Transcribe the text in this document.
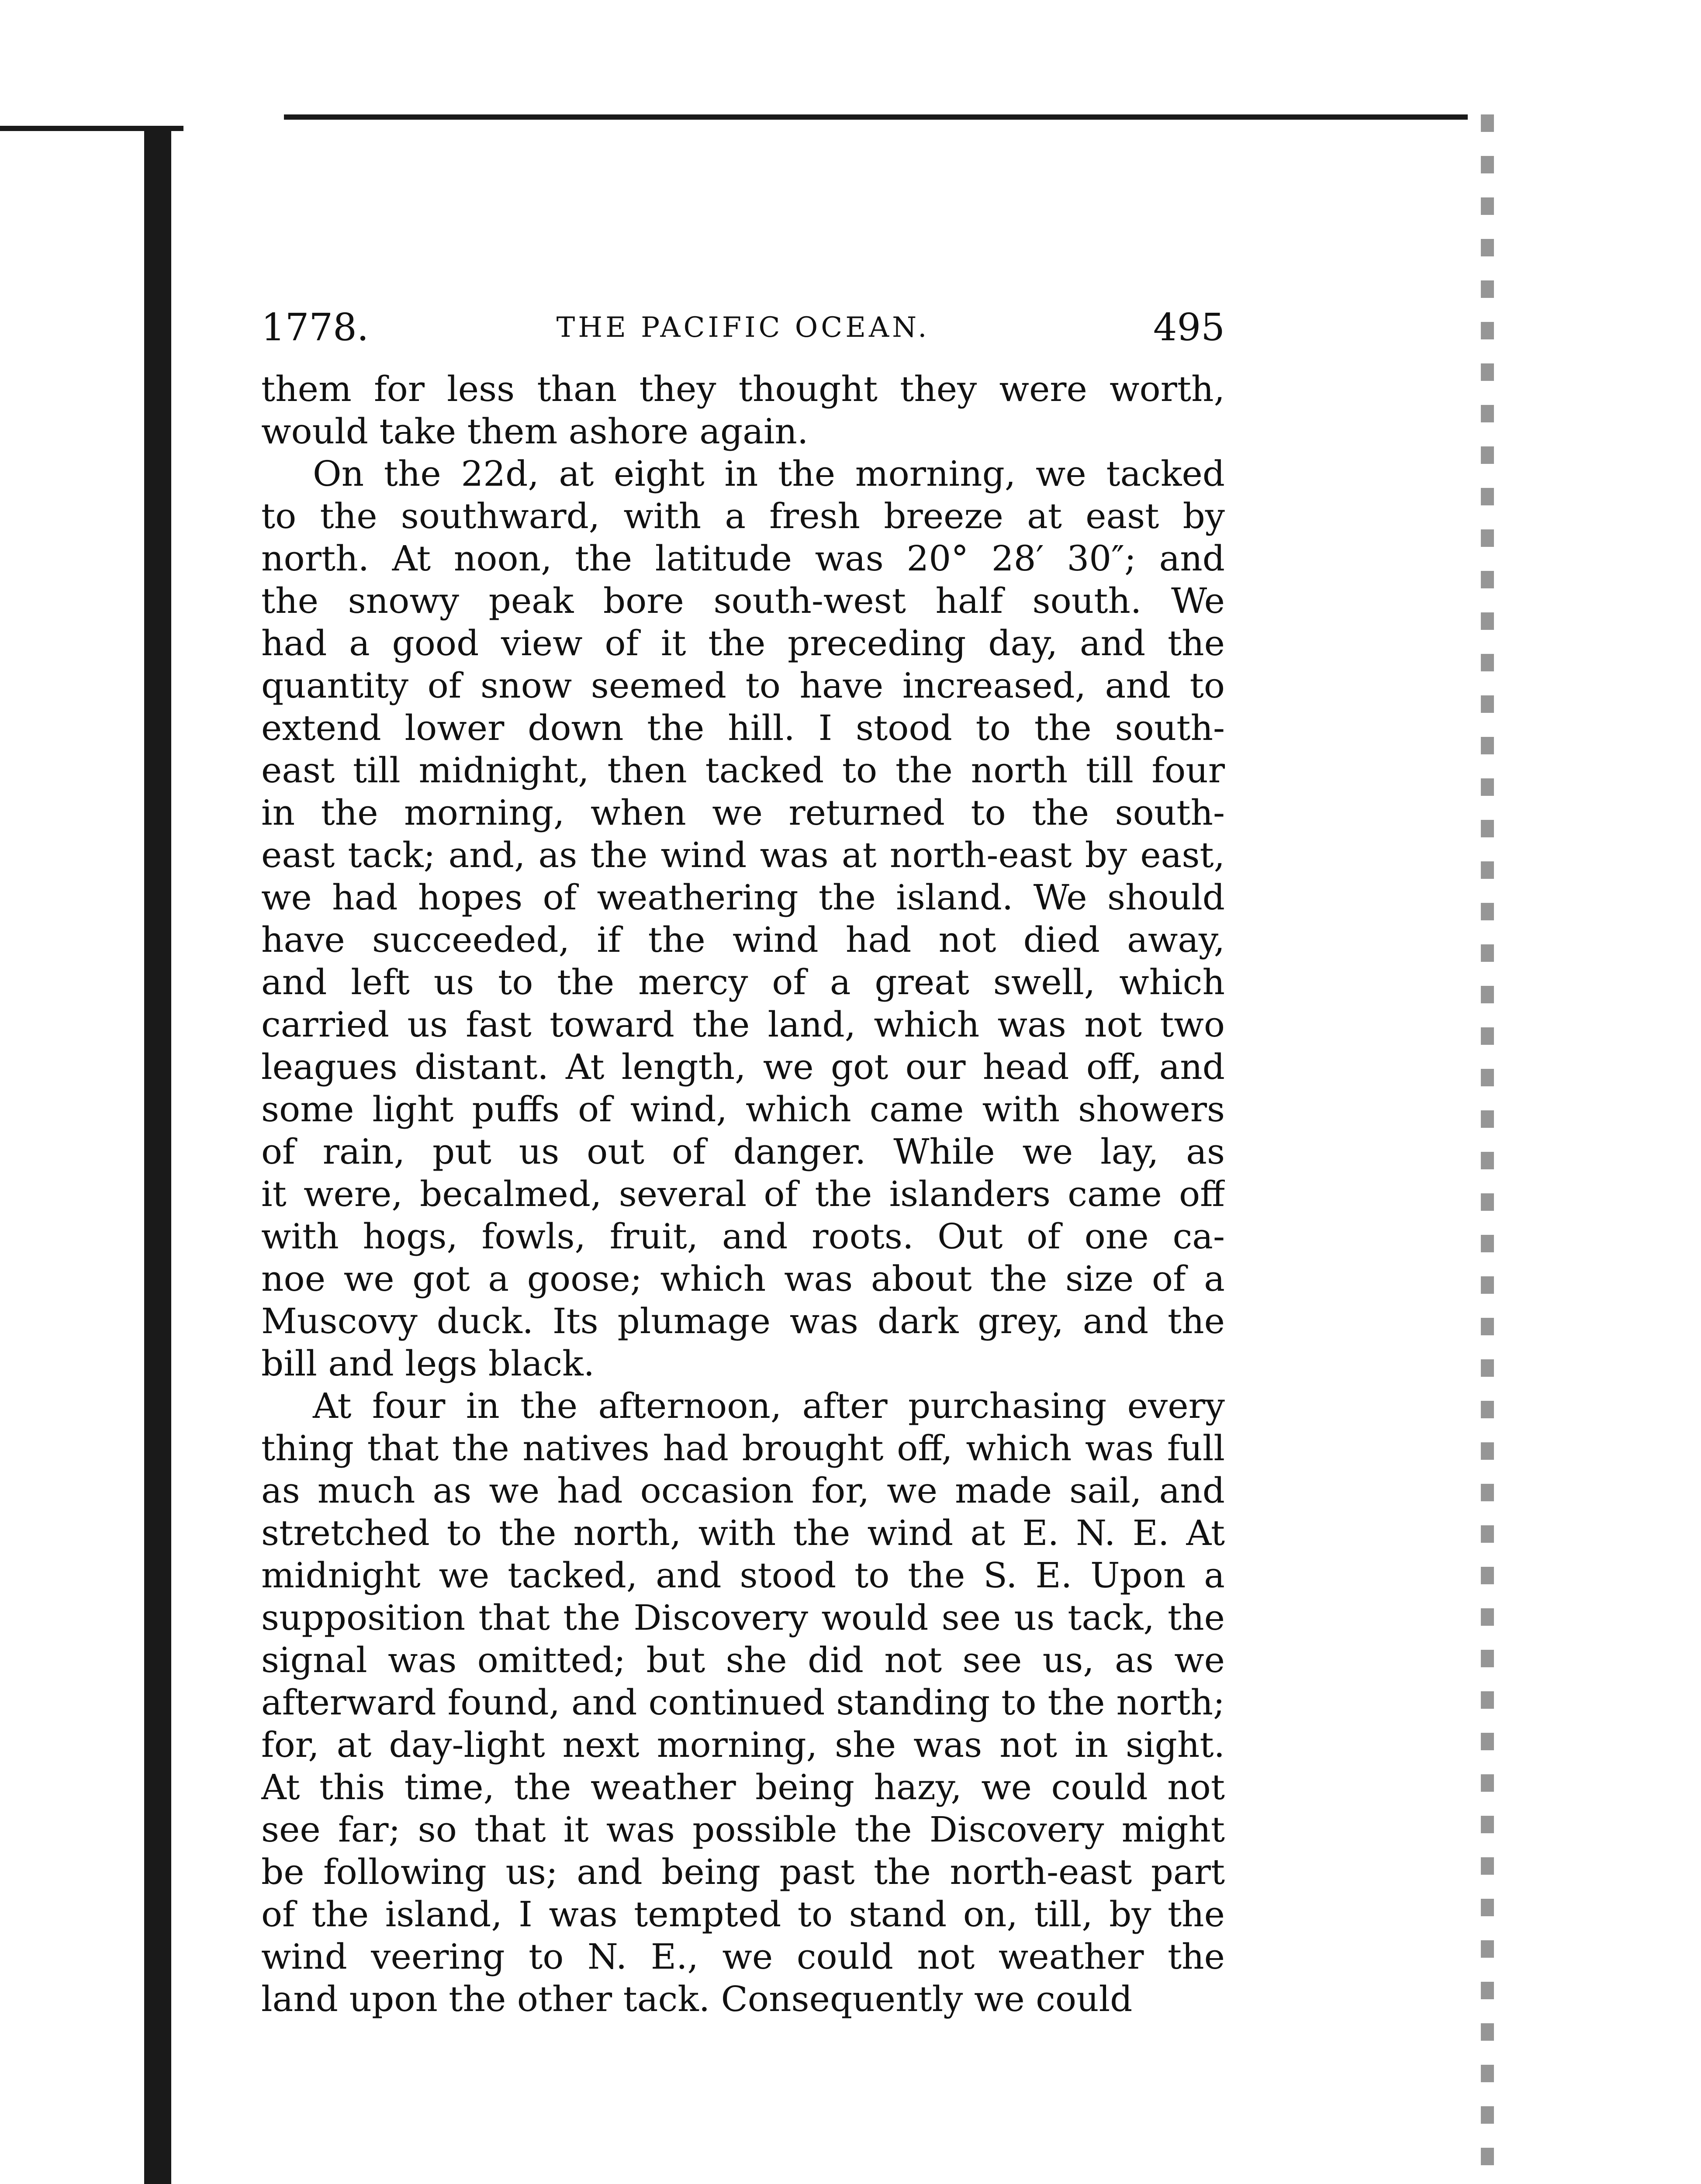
1778.	THE PACIFIC OCEAN.	495
them for less than they thought they were worth,
would take them ashore again.
On the 22d, at eight in the morning, we tacked
to the southward, with a fresh breeze at east by
north. At noon, the latitude was 20° 28′ 30″; and
the snowy peak bore south-west half south. We
had a good view of it the preceding day, and the
quantity of snow seemed to have increased, and to
extend lower down the hill. I stood to the south-
east till midnight, then tacked to the north till four
in the morning, when we returned to the south-
east tack; and, as the wind was at north-east by east,
we had hopes of weathering the island. We should
have succeeded, if the wind had not died away,
and left us to the mercy of a great swell, which
carried us fast toward the land, which was not two
leagues distant. At length, we got our head off, and
some light puffs of wind, which came with showers
of rain, put us out of danger. While we lay, as
it were, becalmed, several of the islanders came off
with hogs, fowls, fruit, and roots. Out of one ca-
noe we got a goose; which was about the size of a
Muscovy duck. Its plumage was dark grey, and the
bill and legs black.
At four in the afternoon, after purchasing every
thing that the natives had brought off, which was full
as much as we had occasion for, we made sail, and
stretched to the north, with the wind at E. N. E. At
midnight we tacked, and stood to the S. E. Upon a
supposition that the Discovery would see us tack, the
signal was omitted; but she did not see us, as we
afterward found, and continued standing to the north;
for, at day-light next morning, she was not in sight.
At this time, the weather being hazy, we could not
see far; so that it was possible the Discovery might
be following us; and being past the north-east part
of the island, I was tempted to stand on, till, by the
wind veering to N. E., we could not weather the
land upon the other tack. Consequently we could
